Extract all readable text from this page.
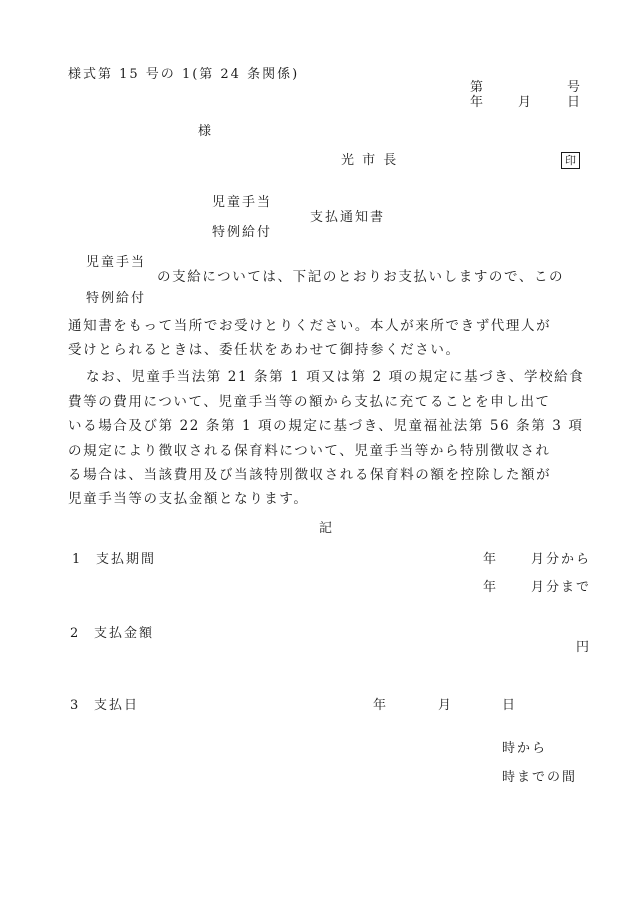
様式第 15 号の 1(第 24 条関係)
第	号
年	月	日
様
光 市 長	印
児童手当
支払通知書
特例給付
児童手当
の支給については、下記のとおりお支払いしますので、この
特例給付
通知書をもって当所でお受けとりください。本人が来所できず代理人が
受けとられるときは、委任状をあわせて御持参ください。
なお、児童手当法第 21 条第 1 項又は第 2 項の規定に基づき、学校給食
費等の費用について、児童手当等の額から支払に充てることを申し出て
いる場合及び第 22 条第 1 項の規定に基づき、児童福祉法第 56 条第 3 項
の規定により徴収される保育料について、児童手当等から特別徴収され
る場合は、当該費用及び当該特別徴収される保育料の額を控除した額が
児童手当等の支払金額となります。
記
1 支払期間	年	月分から
年	月分まで
2 支払金額
円
3 支払日	年	月	日
時から
時までの間
